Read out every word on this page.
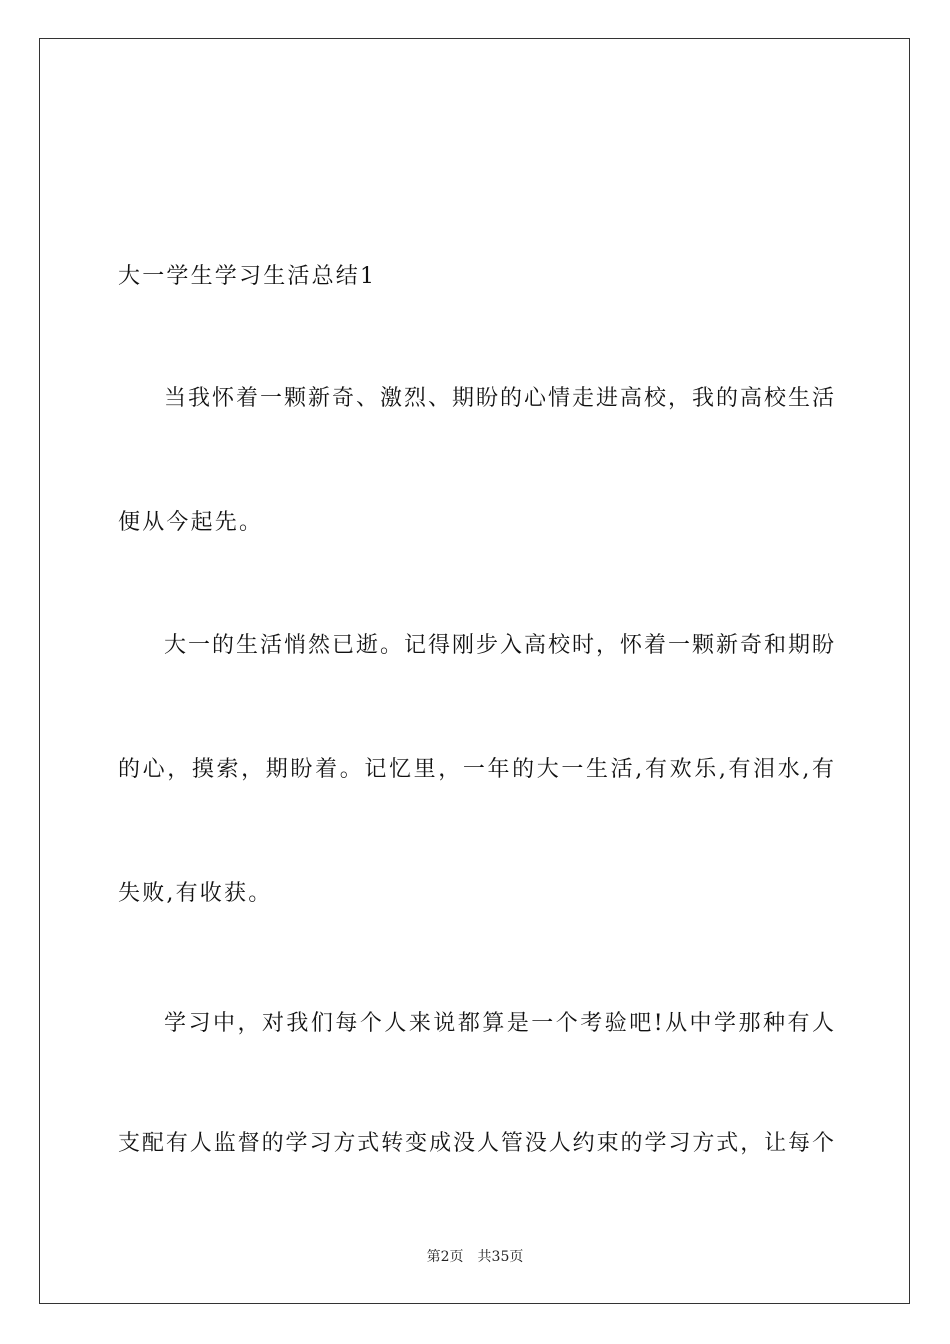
大一学生学习生活总结1
当我怀着一颗新奇、激烈、期盼的心情走进高校，我的高校生活
便从今起先。
大一的生活悄然已逝。记得刚步入高校时，怀着一颗新奇和期盼
的心，摸索，期盼着。记忆里，一年的大一生活,有欢乐,有泪水,有
失败,有收获。
学习中，对我们每个人来说都算是一个考验吧!从中学那种有人
支配有人监督的学习方式转变成没人管没人约束的学习方式，让每个
第2页　共35页
